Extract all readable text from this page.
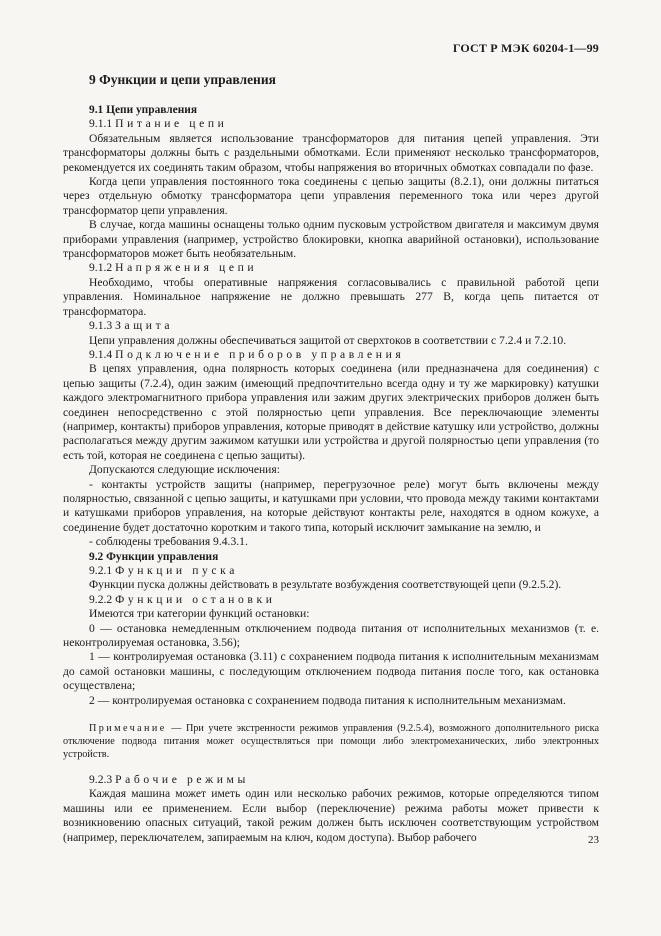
ГОСТ Р МЭК 60204-1—99
9 Функции и цепи управления
9.1 Цепи управления
9.1.1 Питание цепи

Обязательным является использование трансформаторов для питания цепей управления. Эти трансформаторы должны быть с раздельными обмотками. Если применяют несколько трансформаторов, рекомендуется их соединять таким образом, чтобы напряжения во вторичных обмотках совпадали по фазе.

Когда цепи управления постоянного тока соединены с цепью защиты (8.2.1), они должны питаться через отдельную обмотку трансформатора цепи управления переменного тока или через другой трансформатор цепи управления.

В случае, когда машины оснащены только одним пусковым устройством двигателя и максимум двумя приборами управления (например, устройство блокировки, кнопка аварийной остановки), использование трансформаторов может быть необязательным.

9.1.2 Напряжения цепи

Необходимо, чтобы оперативные напряжения согласовывались с правильной работой цепи управления. Номинальное напряжение не должно превышать 277 В, когда цепь питается от трансформатора.

9.1.3 Защита

Цепи управления должны обеспечиваться защитой от сверхтоков в соответствии с 7.2.4 и 7.2.10.

9.1.4 Подключение приборов управления

В цепях управления, одна полярность которых соединена (или предназначена для соединения) с цепью защиты (7.2.4), один зажим (имеющий предпочтительно всегда одну и ту же маркировку) катушки каждого электромагнитного прибора управления или зажим других электрических приборов должен быть соединен непосредственно с этой полярностью цепи управления. Все переключающие элементы (например, контакты) приборов управления, которые приводят в действие катушку или устройство, должны располагаться между другим зажимом катушки или устройства и другой полярностью цепи управления (то есть той, которая не соединена с цепью защиты).

Допускаются следующие исключения:

- контакты устройств защиты (например, перегрузочное реле) могут быть включены между полярностью, связанной с цепью защиты, и катушками при условии, что провода между такими контактами и катушками приборов управления, на которые действуют контакты реле, находятся в одном кожухе, а соединение будет достаточно коротким и такого типа, который исключит замыкание на землю, и

- соблюдены требования 9.4.3.1.

9.2 Функции управления
9.2.1 Функции пуска

Функции пуска должны действовать в результате возбуждения соответствующей цепи (9.2.5.2).

9.2.2 Функции остановки

Имеются три категории функций остановки:

0 — остановка немедленным отключением подвода питания от исполнительных механизмов (т. е. неконтролируемая остановка, 3.56);

1 — контролируемая остановка (3.11) с сохранением подвода питания к исполнительным механизмам до самой остановки машины, с последующим отключением подвода питания после того, как остановка осуществлена;

2 — контролируемая остановка с сохранением подвода питания к исполнительным механизмам.

Примечание — При учете экстренности режимов управления (9.2.5.4), возможного дополнительного риска отключение подвода питания может осуществляться при помощи либо электромеханических, либо электронных устройств.

9.2.3 Рабочие режимы

Каждая машина может иметь один или несколько рабочих режимов, которые определяются типом машины или ее применением. Если выбор (переключение) режима работы может привести к возникновению опасных ситуаций, такой режим должен быть исключен соответствующим устройством (например, переключателем, запираемым на ключ, кодом доступа). Выбор рабочего	23
